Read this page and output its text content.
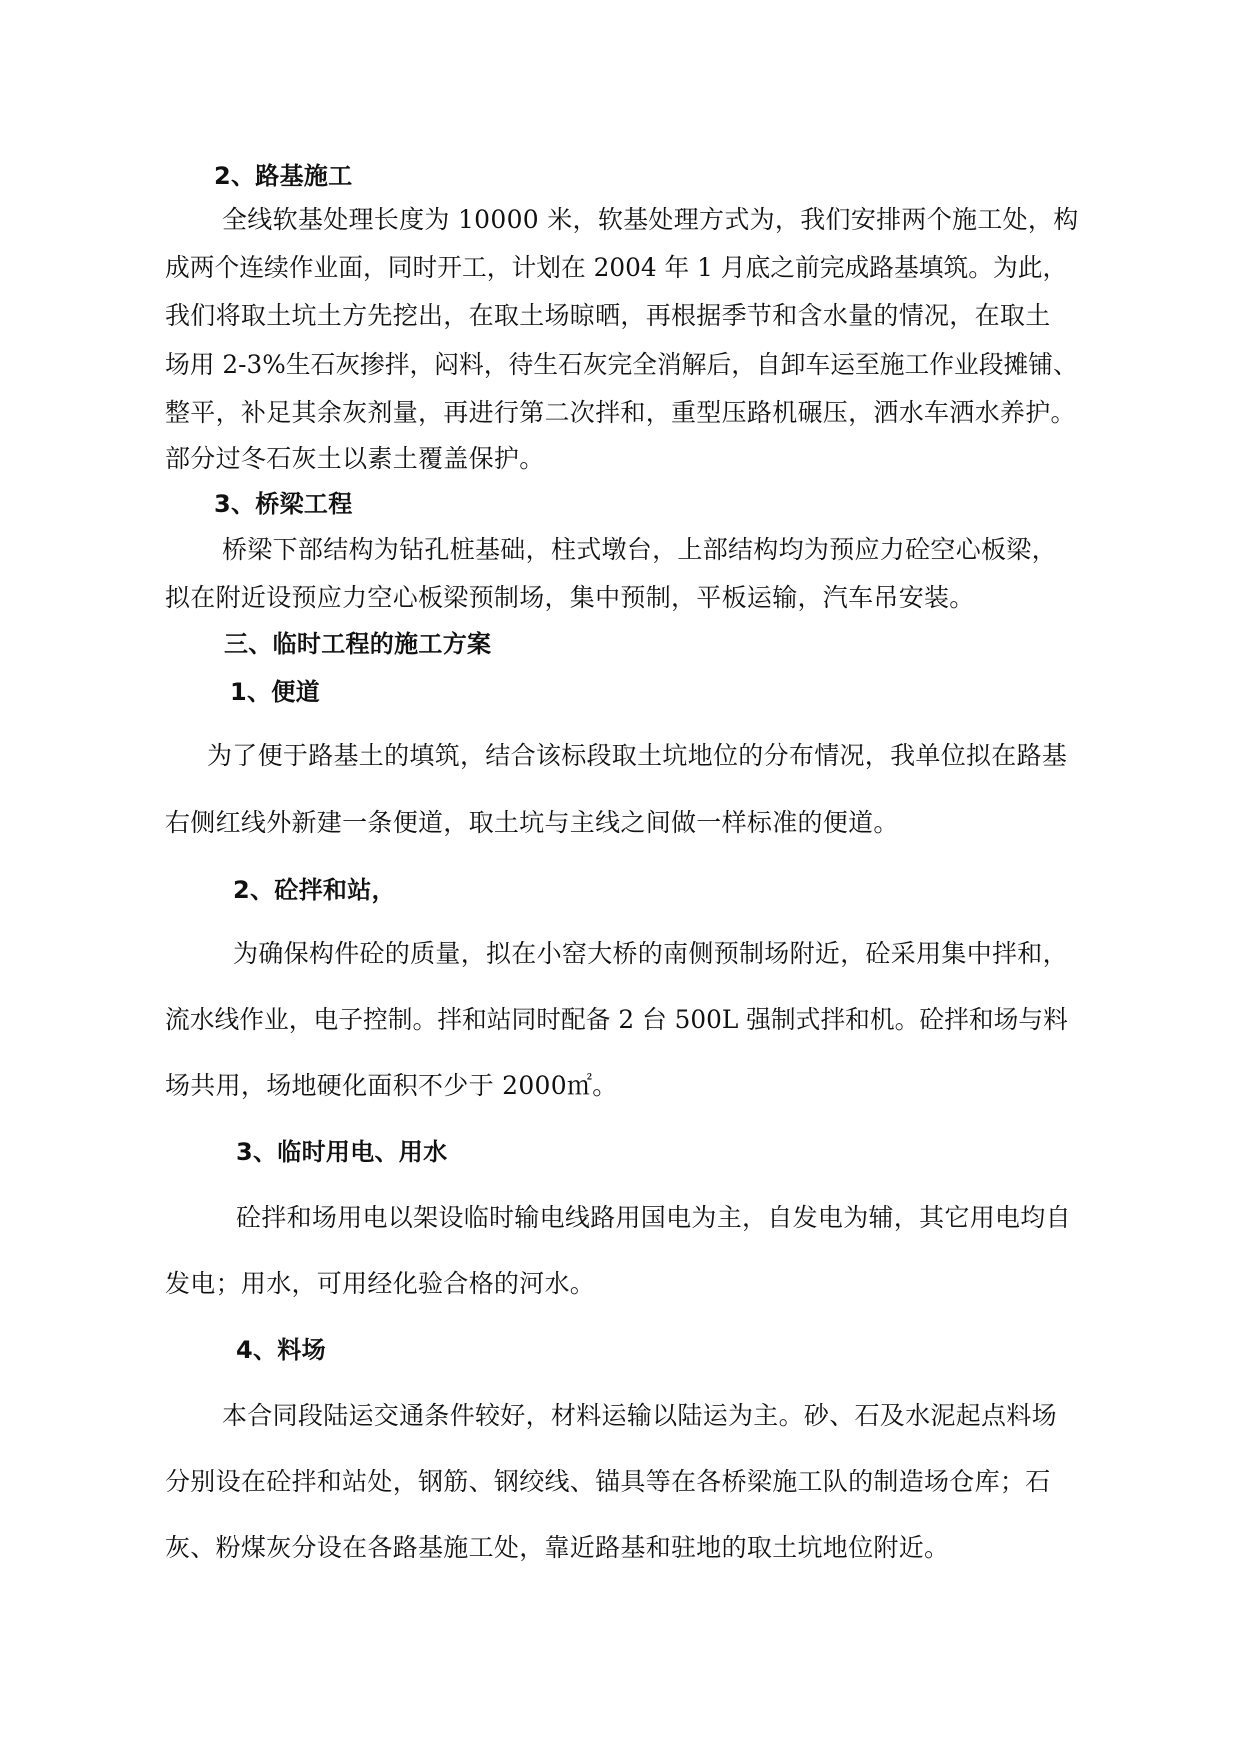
2、路基施工
全线软基处理长度为 10000 米，软基处理方式为，我们安排两个施工处，构
成两个连续作业面，同时开工，计划在 2004 年 1 月底之前完成路基填筑。为此，
我们将取土坑土方先挖出，在取土场晾晒，再根据季节和含水量的情况，在取土
场用 2-3%生石灰掺拌，闷料，待生石灰完全消解后，自卸车运至施工作业段摊铺、
整平，补足其余灰剂量，再进行第二次拌和，重型压路机碾压，洒水车洒水养护。
部分过冬石灰土以素土覆盖保护。
3、桥梁工程
桥梁下部结构为钻孔桩基础，柱式墩台，上部结构均为预应力砼空心板梁，
拟在附近设预应力空心板梁预制场，集中预制，平板运输，汽车吊安装。
三、临时工程的施工方案
1、便道
为了便于路基土的填筑，结合该标段取土坑地位的分布情况，我单位拟在路基
右侧红线外新建一条便道，取土坑与主线之间做一样标准的便道。
2、砼拌和站，
为确保构件砼的质量，拟在小窑大桥的南侧预制场附近，砼采用集中拌和，
流水线作业，电子控制。拌和站同时配备 2 台 500L 强制式拌和机。砼拌和场与料
场共用，场地硬化面积不少于 2000㎡。
3、临时用电、用水
砼拌和场用电以架设临时输电线路用国电为主，自发电为辅，其它用电均自
发电；用水，可用经化验合格的河水。
4、料场
本合同段陆运交通条件较好，材料运输以陆运为主。砂、石及水泥起点料场
分别设在砼拌和站处，钢筋、钢绞线、锚具等在各桥梁施工队的制造场仓库；石
灰、粉煤灰分设在各路基施工处，靠近路基和驻地的取土坑地位附近。
